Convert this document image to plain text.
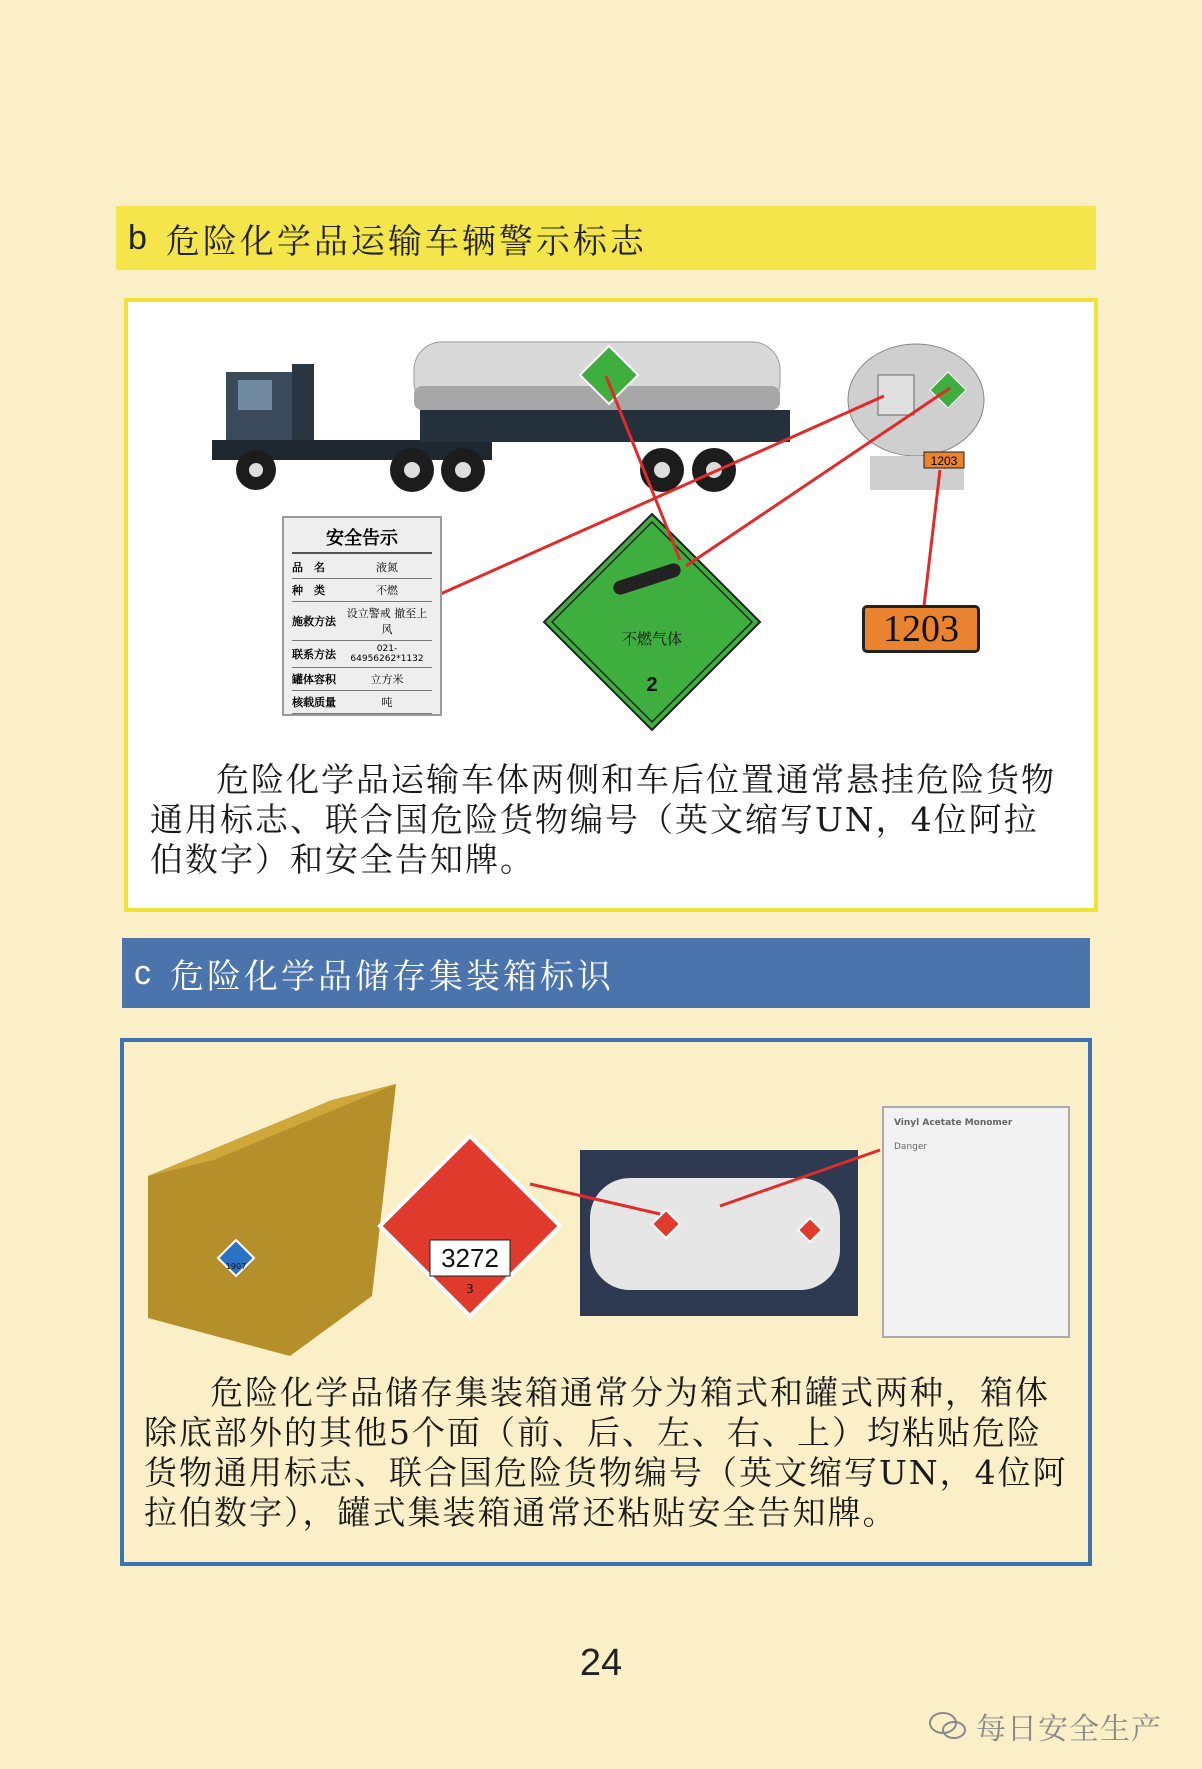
b 危险化学品运输车辆警示标志
1203
不燃气体
2
安全告示
品　名	液氮
种　类	不燃
施救方法	设立警戒 撤至上风
联系方法	021-64956262*1132
罐体容积	立方米
核载质量	吨
1203

危险化学品运输车体两侧和车后位置通常悬挂危险货物通用标志、联合国危险货物编号（英文缩写UN，4位阿拉伯数字）和安全告知牌。

c 危险化学品储存集装箱标识
3272
3
1907
Vinyl Acetate Monomer
Danger

危险化学品储存集装箱通常分为箱式和罐式两种，箱体除底部外的其他5个面（前、后、左、右、上）均粘贴危险货物通用标志、联合国危险货物编号（英文缩写UN，4位阿拉伯数字），罐式集装箱通常还粘贴安全告知牌。

24
每日安全生产
